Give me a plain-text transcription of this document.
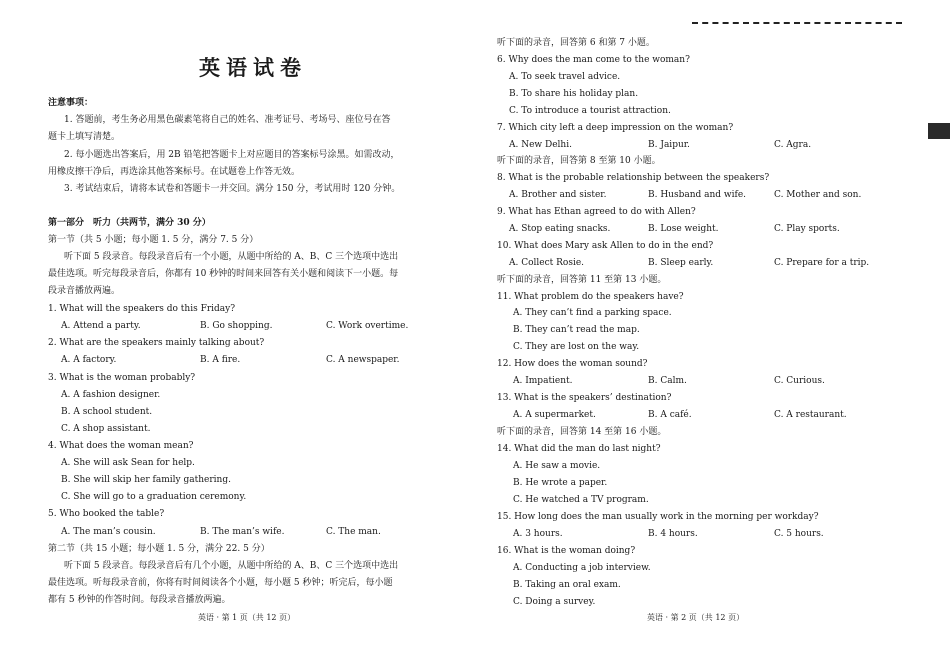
英语试卷
注意事项：
1. 答题前，考生务必用黑色碳素笔将自己的姓名、准考证号、考场号、座位号在答
题卡上填写清楚。
2. 每小题选出答案后，用 2B 铅笔把答题卡上对应题目的答案标号涂黑。如需改动，
用橡皮擦干净后，再选涂其他答案标号。在试题卷上作答无效。
3. 考试结束后，请将本试卷和答题卡一并交回。满分 150 分，考试用时 120 分钟。
第一部分　听力（共两节，满分 30 分）
第一节（共 5 小题；每小题 1. 5 分，满分 7. 5 分）
听下面 5 段录音。每段录音后有一个小题，从题中所给的 A、B、C 三个选项中选出
最佳选项。听完每段录音后，你都有 10 秒钟的时间来回答有关小题和阅读下一小题。每
段录音播放两遍。
1. What will the speakers do this Friday?
A. Attend a party.	B. Go shopping.	C. Work overtime.
2. What are the speakers mainly talking about?
A. A factory.	B. A fire.	C. A newspaper.
3. What is the woman probably?
A. A fashion designer.
B. A school student.
C. A shop assistant.
4. What does the woman mean?
A. She will ask Sean for help.
B. She will skip her family gathering.
C. She will go to a graduation ceremony.
5. Who booked the table?
A. The man’s cousin.	B. The man’s wife.	C. The man.
第二节（共 15 小题；每小题 1. 5 分，满分 22. 5 分）
听下面 5 段录音。每段录音后有几个小题，从题中所给的 A、B、C 三个选项中选出
最佳选项。听每段录音前，你将有时间阅读各个小题，每小题 5 秒钟；听完后，每小题
都有 5 秒钟的作答时间。每段录音播放两遍。
英语 · 第 1 页（共 12 页）
听下面的录音，回答第 6 和第 7 小题。
6. Why does the man come to the woman?
A. To seek travel advice.
B. To share his holiday plan.
C. To introduce a tourist attraction.
7. Which city left a deep impression on the woman?
A. New Delhi.	B. Jaipur.	C. Agra.
听下面的录音，回答第 8 至第 10 小题。
8. What is the probable relationship between the speakers?
A. Brother and sister.	B. Husband and wife.	C. Mother and son.
9. What has Ethan agreed to do with Allen?
A. Stop eating snacks.	B. Lose weight.	C. Play sports.
10. What does Mary ask Allen to do in the end?
A. Collect Rosie.	B. Sleep early.	C. Prepare for a trip.
听下面的录音，回答第 11 至第 13 小题。
11. What problem do the speakers have?
A. They can’t find a parking space.
B. They can’t read the map.
C. They are lost on the way.
12. How does the woman sound?
A. Impatient.	B. Calm.	C. Curious.
13. What is the speakers’ destination?
A. A supermarket.	B. A café.	C. A restaurant.
听下面的录音，回答第 14 至第 16 小题。
14. What did the man do last night?
A. He saw a movie.
B. He wrote a paper.
C. He watched a TV program.
15. How long does the man usually work in the morning per workday?
A. 3 hours.	B. 4 hours.	C. 5 hours.
16. What is the woman doing?
A. Conducting a job interview.
B. Taking an oral exam.
C. Doing a survey.
英语 · 第 2 页（共 12 页）
